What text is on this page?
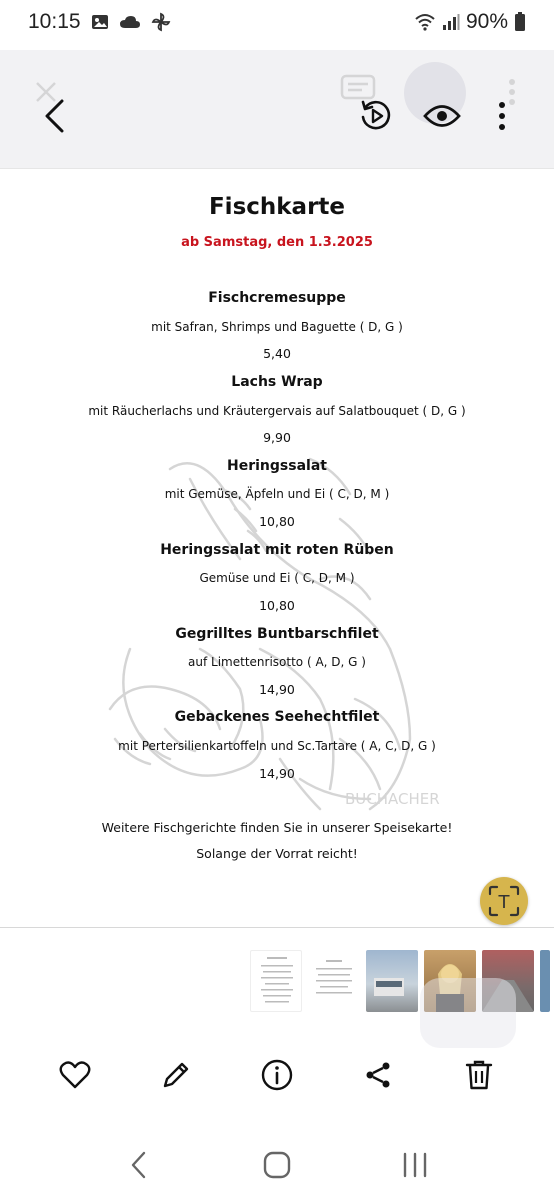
10:15	90%
BUCHACHER
Fischkarte
ab Samstag, den 1.3.2025
Fischcremesuppe
mit Safran, Shrimps und Baguette ( D, G )
5,40
Lachs Wrap
mit Räucherlachs und Kräutergervais auf Salatbouquet ( D, G )
9,90
Heringssalat
mit Gemüse, Äpfeln und Ei ( C, D, M )
10,80
Heringssalat mit roten Rüben
Gemüse und Ei ( C, D, M )
10,80
Gegrilltes Buntbarschfilet
auf Limettenrisotto ( A, D, G )
14,90
Gebackenes Seehechtfilet
mit Pertersilienkartoffeln und Sc.Tartare ( A, C, D, G )
14,90
Weitere Fischgerichte finden Sie in unserer Speisekarte!
Solange der Vorrat reicht!
T
